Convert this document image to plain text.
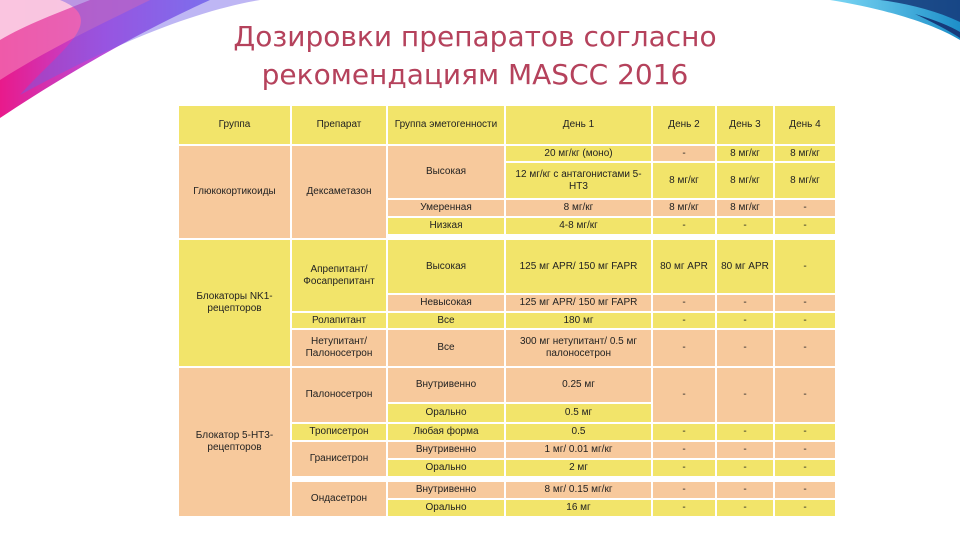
Дозировки препаратов согласно
рекомендациям MASCC 2016
Группа	Препарат	Группа эметогенности	День 1	День 2	День 3	День 4
Глюкокортикоиды	Дексаметазон	Высокая	20 мг/кг (моно)	-	8 мг/кг	8 мг/кг
			12 мг/кг с антагонистами 5-НТ3	8 мг/кг	8 мг/кг	8 мг/кг
		Умеренная	8 мг/кг	8 мг/кг	8 мг/кг	-
		Низкая	4-8 мг/кг	-	-	-

Блокаторы NK1-рецепторов	Апрепитант/ Фосапрепитант	Высокая	125 мг APR/ 150 мг FAPR	80 мг APR	80 мг APR	-
		Невысокая	125 мг APR/ 150 мг FAPR	-	-	-
	Ролапитант	Все	180 мг	-	-	-
	Нетупитант/ Палоносетрон	Все	300 мг нетупитант/ 0.5 мг палоносетрон	-	-	-
Блокатор 5-НТ3-рецепторов	Палоносетрон	Внутривенно	0.25 мг	-	-	-
		Орально	0.5 мг			
	Трописетрон	Любая форма	0.5	-	-	-
	Гранисетрон	Внутривенно	1 мг/ 0.01 мг/кг	-	-	-
		Орально	2 мг	-	-	-

	Ондасетрон	Внутривенно	8 мг/ 0.15 мг/кг	-	-	-
		Орально	16 мг	-	-	-
